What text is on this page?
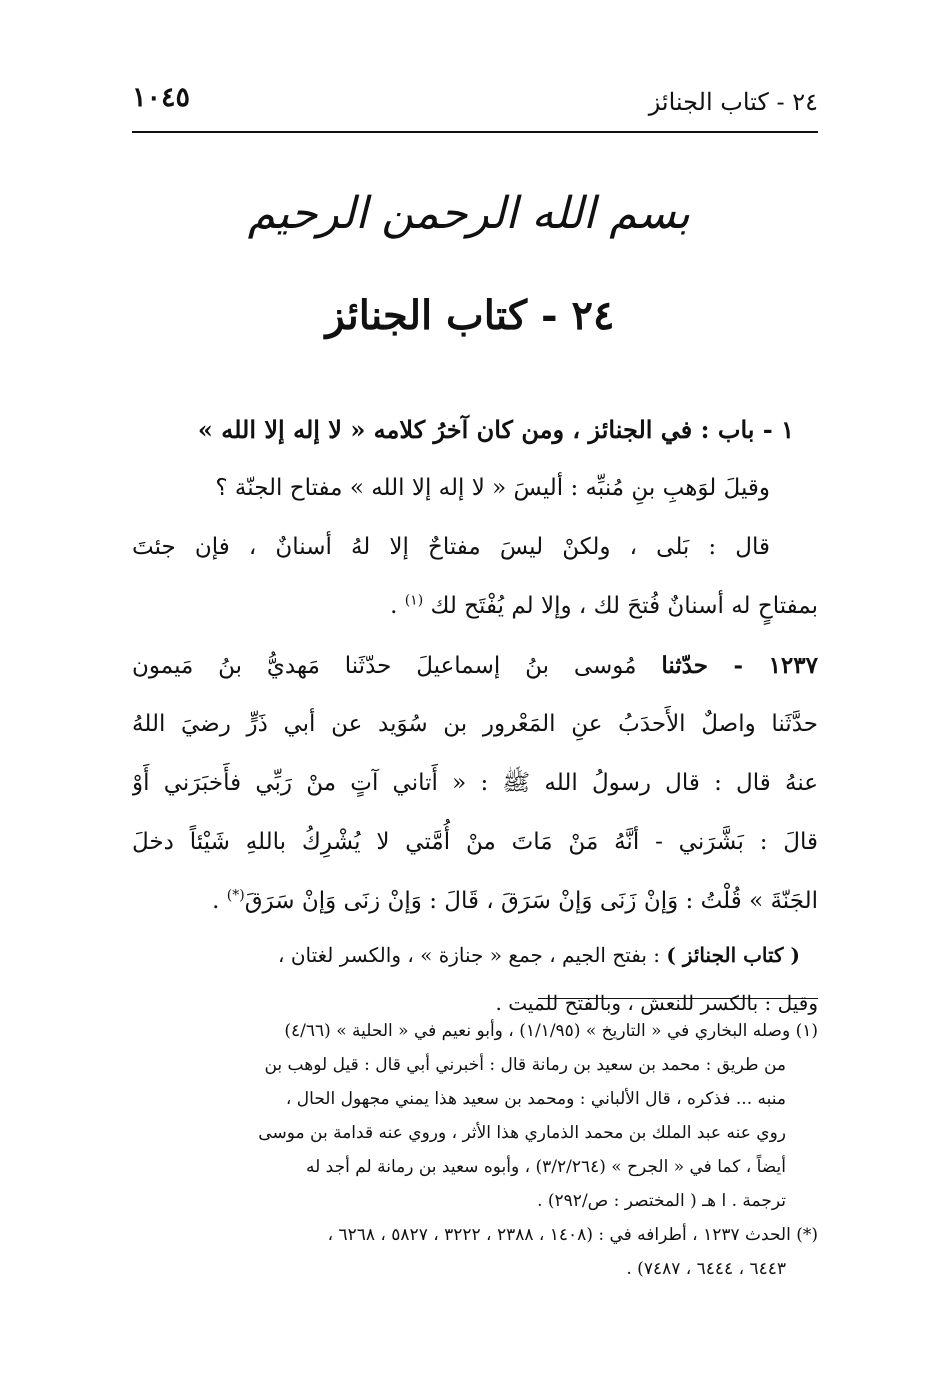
٢٤ - كتاب الجنائز
١٠٤٥
بسم الله الرحمن الرحيم
٢٤ - كتاب الجنائز
١ - باب : في الجنائز ، ومن كان آخرُ كلامه « لا إله إلا الله »
وقيلَ لوَهبِ بنِ مُنبِّه : أليسَ « لا إله إلا الله » مفتاح الجنّة ؟
قال : بَلى ، ولكنْ ليسَ مفتاحٌ إلا لهُ أسنانٌ ، فإن جئتَ
بمفتاحٍ له أسنانٌ فُتحَ لك ، وإلا لم يُفْتَح لك $^{(١)}$ .
١٢٣٧ - حدّثنا مُوسى بنُ إسماعيلَ حدّثَنا مَهديُّ بنُ مَيمون
حدَّثَنا واصلٌ الأَحدَبُ عنِ المَعْرور بن سُوَيد عن أبي ذَرٍّ رضيَ اللهُ
عنهُ قال : قال رسولُ الله ﷺ : « أَتاني آتٍ منْ رَبِّي فأَخبَرَني أَوْ
قالَ : بَشَّرَني - أنَّهُ مَنْ مَاتَ منْ أُمَّتي لا يُشْرِكُ باللهِ شَيْئاً دخلَ
الجَنّةَ » قُلْتُ : وَإنْ زَنَى وَإنْ سَرَقَ ، قَالَ : وَإنْ زنَى وَإنْ سَرَقَ(*) .
( كتاب الجنائز ) : بفتح الجيم ، جمع « جنازة » ، والكسر لغتان ،
وقيل : بالكسر للنعش ، وبالفتح للميت .
(١) وصله البخاري في « التاريخ » (١/١/٩٥) ، وأبو نعيم في « الحلية » (٤/٦٦)
من طريق : محمد بن سعيد بن رمانة قال : أخبرني أبي قال : قيل لوهب بن
منبه ... فذكره ، قال الألباني : ومحمد بن سعيد هذا يمني مجهول الحال ،
روي عنه عبد الملك بن محمد الذماري هذا الأثر ، وروي عنه قدامة بن موسى
أيضاً ، كما في « الجرح » (٣/٢/٢٦٤) ، وأبوه سعيد بن رمانة لم أجد له
ترجمة . ا هـ ( المختصر : ص/٢٩٢) .
(*) الحدث ١٢٣٧ ، أطرافه في : (١٤٠٨ ، ٢٣٨٨ ، ٣٢٢٢ ، ٥٨٢٧ ، ٦٢٦٨ ،
٦٤٤٣ ، ٦٤٤٤ ، ٧٤٨٧) .
